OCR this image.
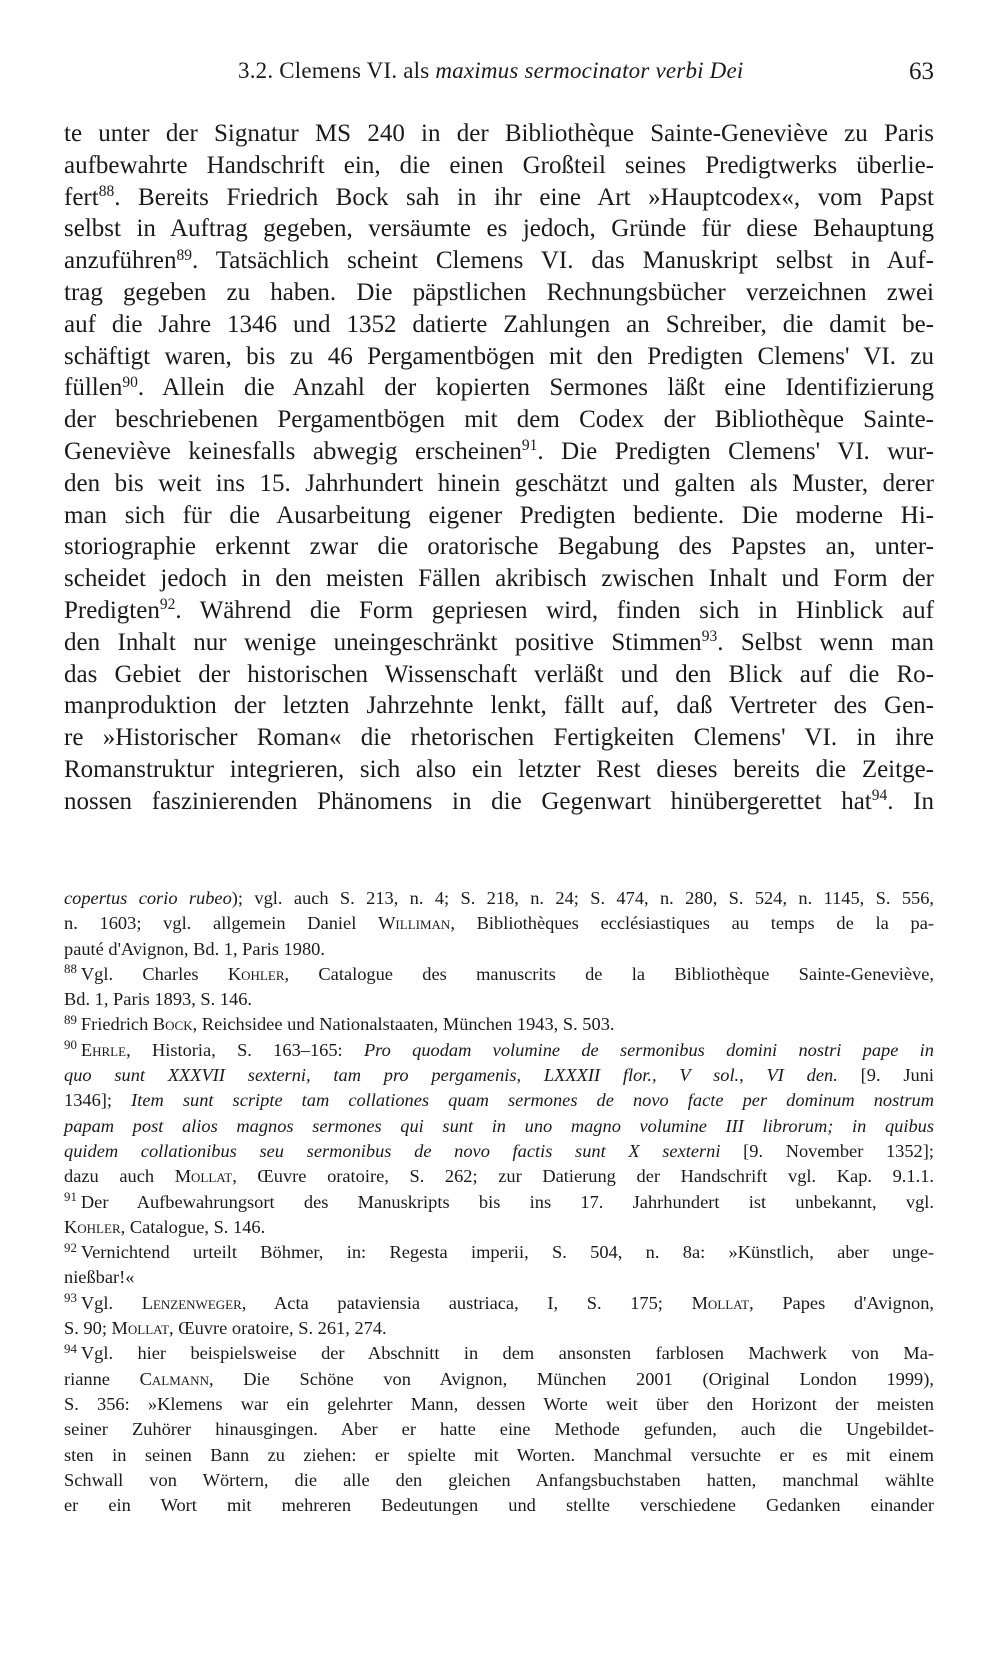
3.2. Clemens VI. als maximus sermocinator verbi Dei	63
te unter der Signatur MS 240 in der Bibliothèque Sainte-Geneviève zu Paris
aufbewahrte Handschrift ein, die einen Großteil seines Predigtwerks überlie-
fert$^{88}$. Bereits Friedrich Bock sah in ihr eine Art »Hauptcodex«, vom Papst
selbst in Auftrag gegeben, versäumte es jedoch, Gründe für diese Behauptung
anzuführen$^{89}$. Tatsächlich scheint Clemens VI. das Manuskript selbst in Auf-
trag gegeben zu haben. Die päpstlichen Rechnungsbücher verzeichnen zwei
auf die Jahre 1346 und 1352 datierte Zahlungen an Schreiber, die damit be-
schäftigt waren, bis zu 46 Pergamentbögen mit den Predigten Clemens' VI. zu
füllen$^{90}$. Allein die Anzahl der kopierten Sermones läßt eine Identifizierung
der beschriebenen Pergamentbögen mit dem Codex der Bibliothèque Sainte-
Geneviève keinesfalls abwegig erscheinen$^{91}$. Die Predigten Clemens' VI. wur-
den bis weit ins 15. Jahrhundert hinein geschätzt und galten als Muster, derer
man sich für die Ausarbeitung eigener Predigten bediente. Die moderne Hi-
storiographie erkennt zwar die oratorische Begabung des Papstes an, unter-
scheidet jedoch in den meisten Fällen akribisch zwischen Inhalt und Form der
Predigten$^{92}$. Während die Form gepriesen wird, finden sich in Hinblick auf
den Inhalt nur wenige uneingeschränkt positive Stimmen$^{93}$. Selbst wenn man
das Gebiet der historischen Wissenschaft verläßt und den Blick auf die Ro-
manproduktion der letzten Jahrzehnte lenkt, fällt auf, daß Vertreter des Gen-
re »Historischer Roman« die rhetorischen Fertigkeiten Clemens' VI. in ihre
Romanstruktur integrieren, sich also ein letzter Rest dieses bereits die Zeitge-
nossen faszinierenden Phänomens in die Gegenwart hinübergerettet hat$^{94}$. In
copertus corio rubeo); vgl. auch S. 213, n. 4; S. 218, n. 24; S. 474, n. 280, S. 524, n. 1145, S. 556,
n. 1603; vgl. allgemein Daniel Williman, Bibliothèques ecclésiastiques au temps de la pa-
pauté d'Avignon, Bd. 1, Paris 1980.
$^{88}$ Vgl. Charles Kohler, Catalogue des manuscrits de la Bibliothèque Sainte-Geneviève,
Bd. 1, Paris 1893, S. 146.
$^{89}$ Friedrich Bock, Reichsidee und Nationalstaaten, München 1943, S. 503.
$^{90}$ Ehrle, Historia, S. 163–165: Pro quodam volumine de sermonibus domini nostri pape in
quo sunt XXXVII sexterni, tam pro pergamenis, LXXXII flor., V sol., VI den. [9. Juni
1346]; Item sunt scripte tam collationes quam sermones de novo facte per dominum nostrum
papam post alios magnos sermones qui sunt in uno magno volumine III librorum; in quibus
quidem collationibus seu sermonibus de novo factis sunt X sexterni [9. November 1352];
dazu auch Mollat, Œuvre oratoire, S. 262; zur Datierung der Handschrift vgl. Kap. 9.1.1.
$^{91}$ Der Aufbewahrungsort des Manuskripts bis ins 17. Jahrhundert ist unbekannt, vgl.
Kohler, Catalogue, S. 146.
$^{92}$ Vernichtend urteilt Böhmer, in: Regesta imperii, S. 504, n. 8a: »Künstlich, aber unge-
nießbar!«
$^{93}$ Vgl. Lenzenweger, Acta pataviensia austriaca, I, S. 175; Mollat, Papes d'Avignon,
S. 90; Mollat, Œuvre oratoire, S. 261, 274.
$^{94}$ Vgl. hier beispielsweise der Abschnitt in dem ansonsten farblosen Machwerk von Ma-
rianne Calmann, Die Schöne von Avignon, München 2001 (Original London 1999),
S. 356: »Klemens war ein gelehrter Mann, dessen Worte weit über den Horizont der meisten
seiner Zuhörer hinausgingen. Aber er hatte eine Methode gefunden, auch die Ungebildet-
sten in seinen Bann zu ziehen: er spielte mit Worten. Manchmal versuchte er es mit einem
Schwall von Wörtern, die alle den gleichen Anfangsbuchstaben hatten, manchmal wählte
er ein Wort mit mehreren Bedeutungen und stellte verschiedene Gedanken einander
